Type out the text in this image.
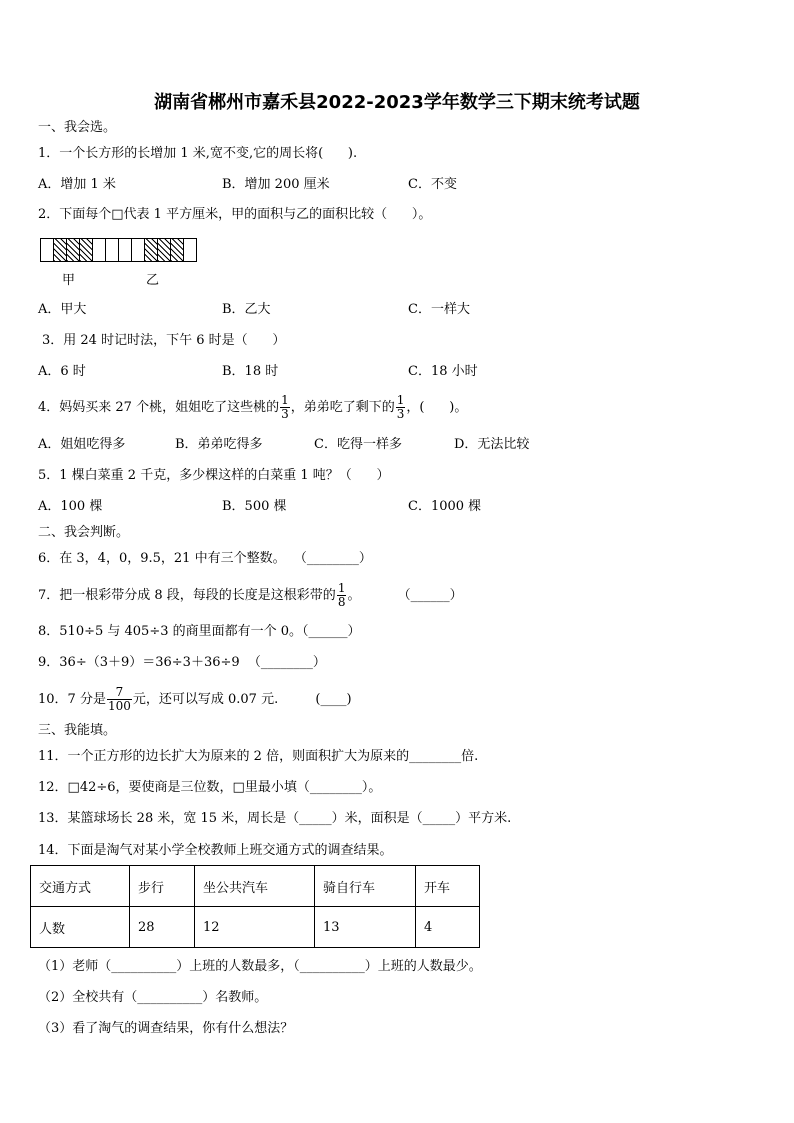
湖南省郴州市嘉禾县2022-2023学年数学三下期末统考试题
一、我会选。
1．一个长方形的长增加 1 米,宽不变,它的周长将(      ).
A．增加 1 米	B．增加 200 厘米	C．不变
2．下面每个□代表 1 平方厘米，甲的面积与乙的面积比较（      ）。
甲	乙
A．甲大	B．乙大	C．一样大
3．用 24 时记时法，下午 6 时是（      ）
A．6 时	B．18 时	C．18 小时
4．妈妈买来 27 个桃，姐姐吃了这些桃的 $\frac{1}{3}$ ，弟弟吃了剩下的 $\frac{1}{3}$ ，(      )。
A．姐姐吃得多	B．弟弟吃得多	C．吃得一样多	D．无法比较
5．1 棵白菜重 2 千克，多少棵这样的白菜重 1 吨？（      ）
A．100 棵	B．500 棵	C．1000 棵
二、我会判断。
6．在 3，4，0，9.5，21 中有三个整数。  （________）
7．把一根彩带分成 8 段，每段的长度是这根彩带的 $\frac{1}{8}$ 。         （______）
8．510÷5 与 405÷3 的商里面都有一个 0。（______）
9．36÷（3＋9）＝36÷3＋36÷9  （________）
10．7 分是 $\frac{7}{100}$ 元，还可以写成 0.07 元.         (____)
三、我能填。
11．一个正方形的边长扩大为原来的 2 倍，则面积扩大为原来的________倍.
12．□42÷6，要使商是三位数，□里最小填（________）。
13．某篮球场长 28 米，宽 15 米，周长是（_____）米，面积是（_____）平方米.
14．下面是淘气对某小学全校教师上班交通方式的调查结果。
交通方式	步行	坐公共汽车	骑自行车	开车
人数	28	12	13	4
（1）老师（__________）上班的人数最多，（__________）上班的人数最少。
（2）全校共有（__________）名教师。
（3）看了淘气的调查结果，你有什么想法？
